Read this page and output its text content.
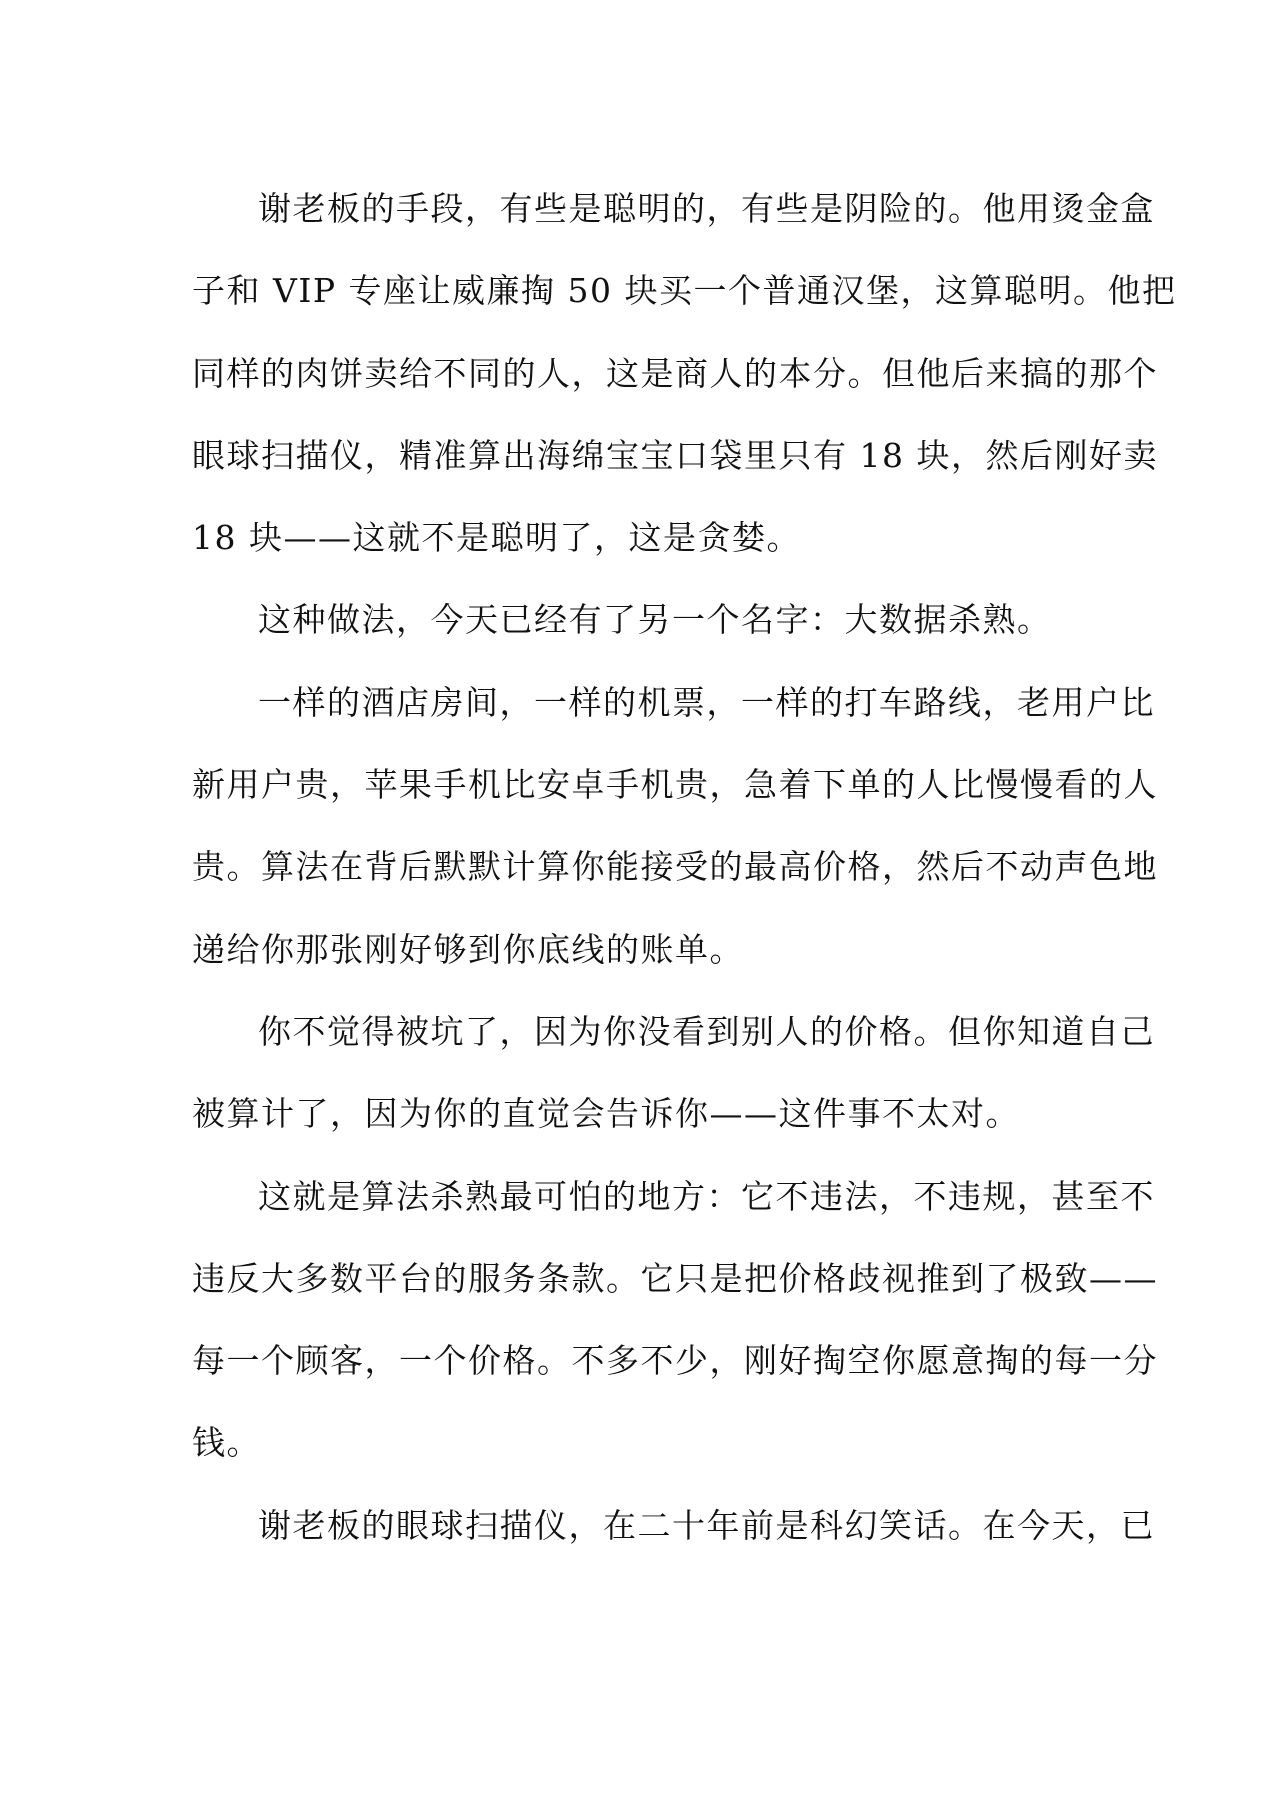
谢老板的手段，有些是聪明的，有些是阴险的。他用烫金盒
子和 VIP 专座让威廉掏 50 块买一个普通汉堡，这算聪明。他把
同样的肉饼卖给不同的人，这是商人的本分。但他后来搞的那个
眼球扫描仪，精准算出海绵宝宝口袋里只有 18 块，然后刚好卖
18 块——这就不是聪明了，这是贪婪。
这种做法，今天已经有了另一个名字：大数据杀熟。
一样的酒店房间，一样的机票，一样的打车路线，老用户比
新用户贵，苹果手机比安卓手机贵，急着下单的人比慢慢看的人
贵。算法在背后默默计算你能接受的最高价格，然后不动声色地
递给你那张刚好够到你底线的账单。
你不觉得被坑了，因为你没看到别人的价格。但你知道自己
被算计了，因为你的直觉会告诉你——这件事不太对。
这就是算法杀熟最可怕的地方：它不违法，不违规，甚至不
违反大多数平台的服务条款。它只是把价格歧视推到了极致——
每一个顾客，一个价格。不多不少，刚好掏空你愿意掏的每一分
钱。
谢老板的眼球扫描仪，在二十年前是科幻笑话。在今天，已
